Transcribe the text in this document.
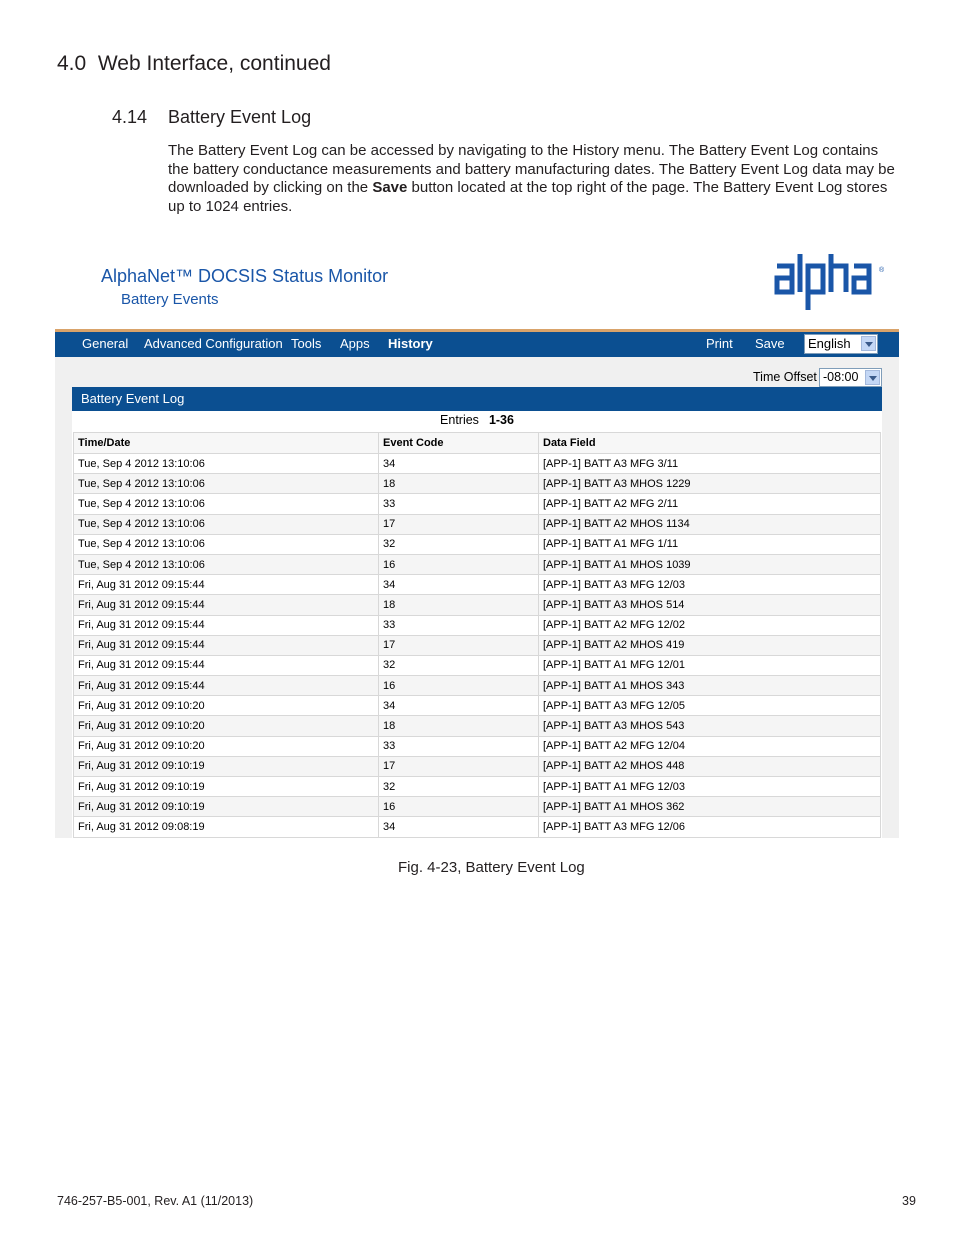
4.0  Web Interface, continued
4.14 Battery Event Log
The Battery Event Log can be accessed by navigating to the History menu. The Battery Event Log contains the battery conductance measurements and battery manufacturing dates. The Battery Event Log data may be downloaded by clicking on the Save button located at the top right of the page. The Battery Event Log stores up to 1024 entries.
AlphaNet™ DOCSIS Status Monitor
Battery Events
®
General Advanced Configuration Tools Apps History	Print Save English
Time Offset -08:00
Battery Event Log
Entries 1-36
Time/Date	Event Code	Data Field
Tue, Sep 4 2012 13:10:06	34	[APP-1] BATT A3 MFG 3/11
Tue, Sep 4 2012 13:10:06	18	[APP-1] BATT A3 MHOS 1229
Tue, Sep 4 2012 13:10:06	33	[APP-1] BATT A2 MFG 2/11
Tue, Sep 4 2012 13:10:06	17	[APP-1] BATT A2 MHOS 1134
Tue, Sep 4 2012 13:10:06	32	[APP-1] BATT A1 MFG 1/11
Tue, Sep 4 2012 13:10:06	16	[APP-1] BATT A1 MHOS 1039
Fri, Aug 31 2012 09:15:44	34	[APP-1] BATT A3 MFG 12/03
Fri, Aug 31 2012 09:15:44	18	[APP-1] BATT A3 MHOS 514
Fri, Aug 31 2012 09:15:44	33	[APP-1] BATT A2 MFG 12/02
Fri, Aug 31 2012 09:15:44	17	[APP-1] BATT A2 MHOS 419
Fri, Aug 31 2012 09:15:44	32	[APP-1] BATT A1 MFG 12/01
Fri, Aug 31 2012 09:15:44	16	[APP-1] BATT A1 MHOS 343
Fri, Aug 31 2012 09:10:20	34	[APP-1] BATT A3 MFG 12/05
Fri, Aug 31 2012 09:10:20	18	[APP-1] BATT A3 MHOS 543
Fri, Aug 31 2012 09:10:20	33	[APP-1] BATT A2 MFG 12/04
Fri, Aug 31 2012 09:10:19	17	[APP-1] BATT A2 MHOS 448
Fri, Aug 31 2012 09:10:19	32	[APP-1] BATT A1 MFG 12/03
Fri, Aug 31 2012 09:10:19	16	[APP-1] BATT A1 MHOS 362
Fri, Aug 31 2012 09:08:19	34	[APP-1] BATT A3 MFG 12/06
Fig. 4-23, Battery Event Log
746-257-B5-001, Rev. A1 (11/2013)	39
